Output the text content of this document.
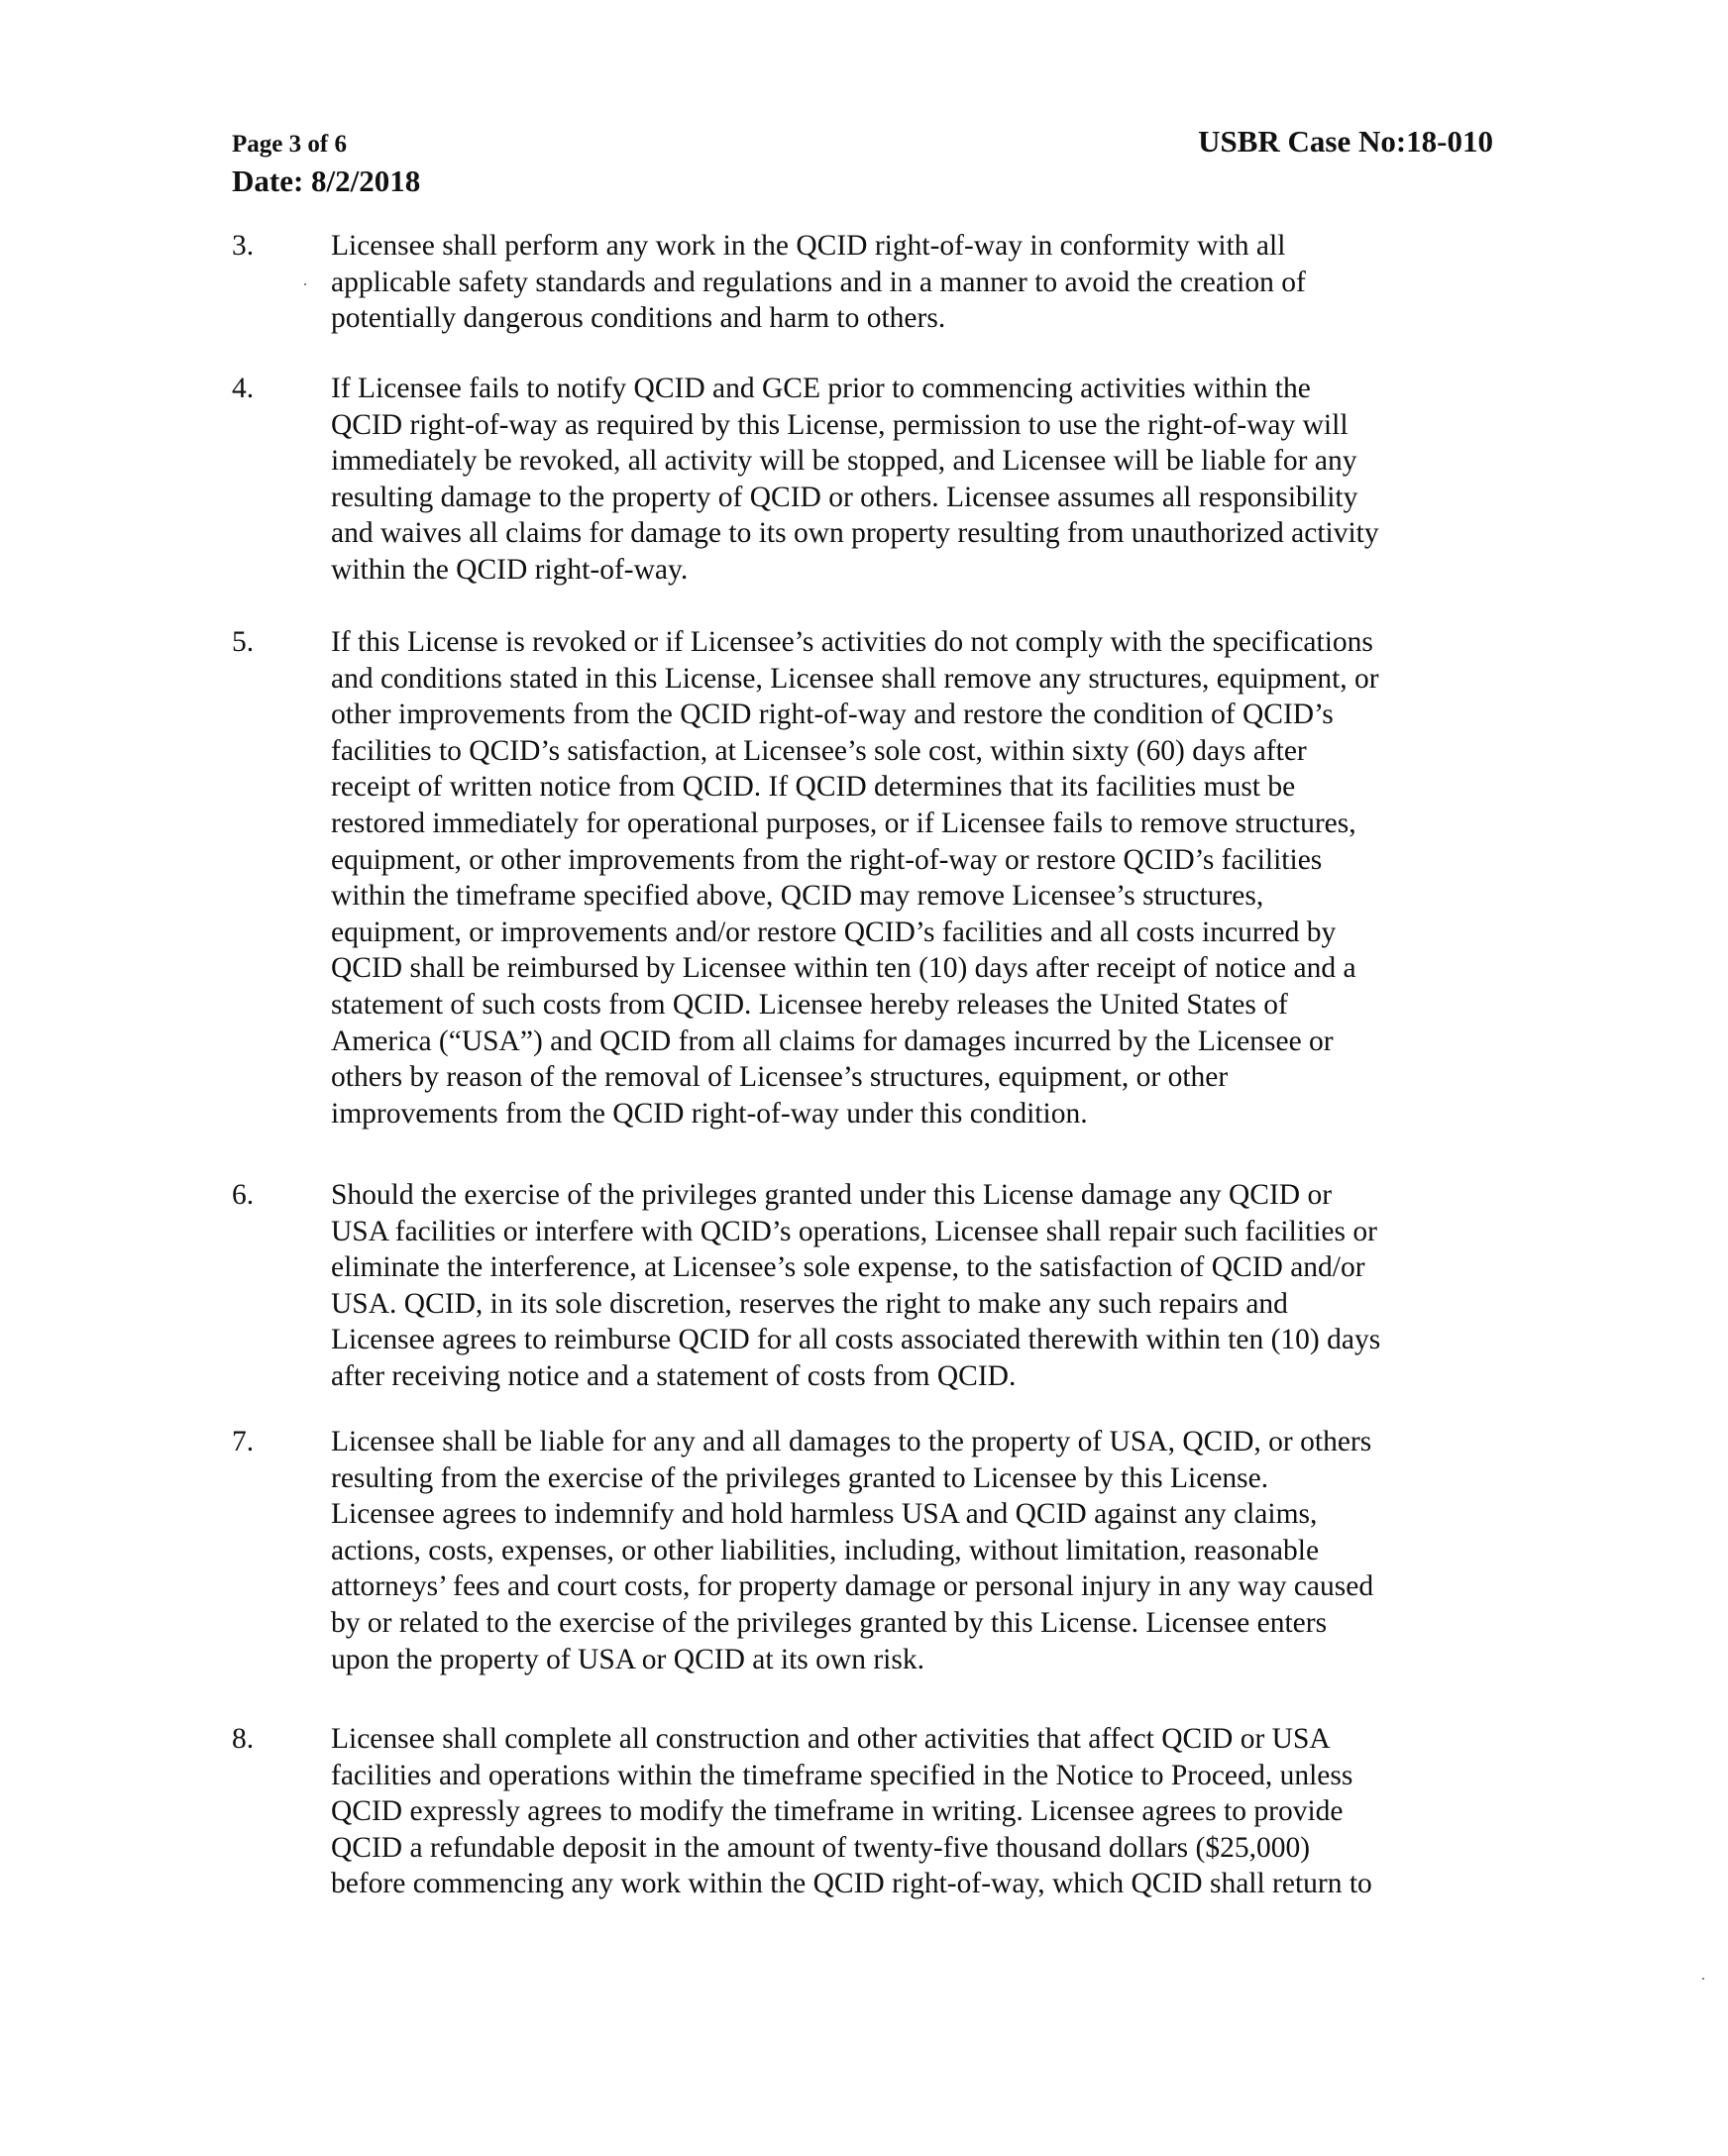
Page 3 of 6

Date: 8/2/2018

USBR Case No:18-010

3.	Licensee shall perform any work in the QCID right-of-way in conformity with all
applicable safety standards and regulations and in a manner to avoid the creation of
potentially dangerous conditions and harm to others.
4.	If Licensee fails to notify QCID and GCE prior to commencing activities within the
QCID right-of-way as required by this License, permission to use the right-of-way will
immediately be revoked, all activity will be stopped, and Licensee will be liable for any
resulting damage to the property of QCID or others. Licensee assumes all responsibility
and waives all claims for damage to its own property resulting from unauthorized activity
within the QCID right-of-way.
5.	If this License is revoked or if Licensee’s activities do not comply with the specifications
and conditions stated in this License, Licensee shall remove any structures, equipment, or
other improvements from the QCID right-of-way and restore the condition of QCID’s
facilities to QCID’s satisfaction, at Licensee’s sole cost, within sixty (60) days after
receipt of written notice from QCID. If QCID determines that its facilities must be
restored immediately for operational purposes, or if Licensee fails to remove structures,
equipment, or other improvements from the right-of-way or restore QCID’s facilities
within the timeframe specified above, QCID may remove Licensee’s structures,
equipment, or improvements and/or restore QCID’s facilities and all costs incurred by
QCID shall be reimbursed by Licensee within ten (10) days after receipt of notice and a
statement of such costs from QCID. Licensee hereby releases the United States of
America (“USA”) and QCID from all claims for damages incurred by the Licensee or
others by reason of the removal of Licensee’s structures, equipment, or other
improvements from the QCID right-of-way under this condition.
6.	Should the exercise of the privileges granted under this License damage any QCID or
USA facilities or interfere with QCID’s operations, Licensee shall repair such facilities or
eliminate the interference, at Licensee’s sole expense, to the satisfaction of QCID and/or
USA. QCID, in its sole discretion, reserves the right to make any such repairs and
Licensee agrees to reimburse QCID for all costs associated therewith within ten (10) days
after receiving notice and a statement of costs from QCID.
7.	Licensee shall be liable for any and all damages to the property of USA, QCID, or others
resulting from the exercise of the privileges granted to Licensee by this License.
Licensee agrees to indemnify and hold harmless USA and QCID against any claims,
actions, costs, expenses, or other liabilities, including, without limitation, reasonable
attorneys’ fees and court costs, for property damage or personal injury in any way caused
by or related to the exercise of the privileges granted by this License. Licensee enters
upon the property of USA or QCID at its own risk.
8.	Licensee shall complete all construction and other activities that affect QCID or USA
facilities and operations within the timeframe specified in the Notice to Proceed, unless
QCID expressly agrees to modify the timeframe in writing. Licensee agrees to provide
QCID a refundable deposit in the amount of twenty-five thousand dollars ($25,000)
before commencing any work within the QCID right-of-way, which QCID shall return to
